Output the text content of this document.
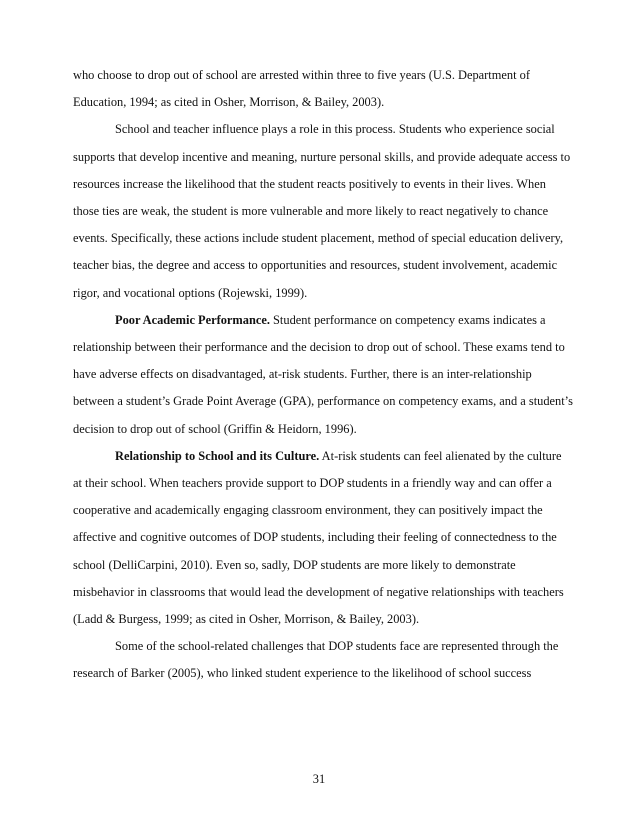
who choose to drop out of school are arrested within three to five years (U.S. Department of Education, 1994; as cited in Osher, Morrison, & Bailey, 2003).

School and teacher influence plays a role in this process. Students who experience social supports that develop incentive and meaning, nurture personal skills, and provide adequate access to resources increase the likelihood that the student reacts positively to events in their lives. When those ties are weak, the student is more vulnerable and more likely to react negatively to chance events. Specifically, these actions include student placement, method of special education delivery, teacher bias, the degree and access to opportunities and resources, student involvement, academic rigor, and vocational options (Rojewski, 1999).

Poor Academic Performance. Student performance on competency exams indicates a relationship between their performance and the decision to drop out of school. These exams tend to have adverse effects on disadvantaged, at-risk students. Further, there is an inter-relationship between a student’s Grade Point Average (GPA), performance on competency exams, and a student’s decision to drop out of school (Griffin & Heidorn, 1996).

Relationship to School and its Culture. At-risk students can feel alienated by the culture at their school. When teachers provide support to DOP students in a friendly way and can offer a cooperative and academically engaging classroom environment, they can positively impact the affective and cognitive outcomes of DOP students, including their feeling of connectedness to the school (DelliCarpini, 2010). Even so, sadly, DOP students are more likely to demonstrate misbehavior in classrooms that would lead the development of negative relationships with teachers (Ladd & Burgess, 1999; as cited in Osher, Morrison, & Bailey, 2003).

Some of the school-related challenges that DOP students face are represented through the research of Barker (2005), who linked student experience to the likelihood of school success

31
